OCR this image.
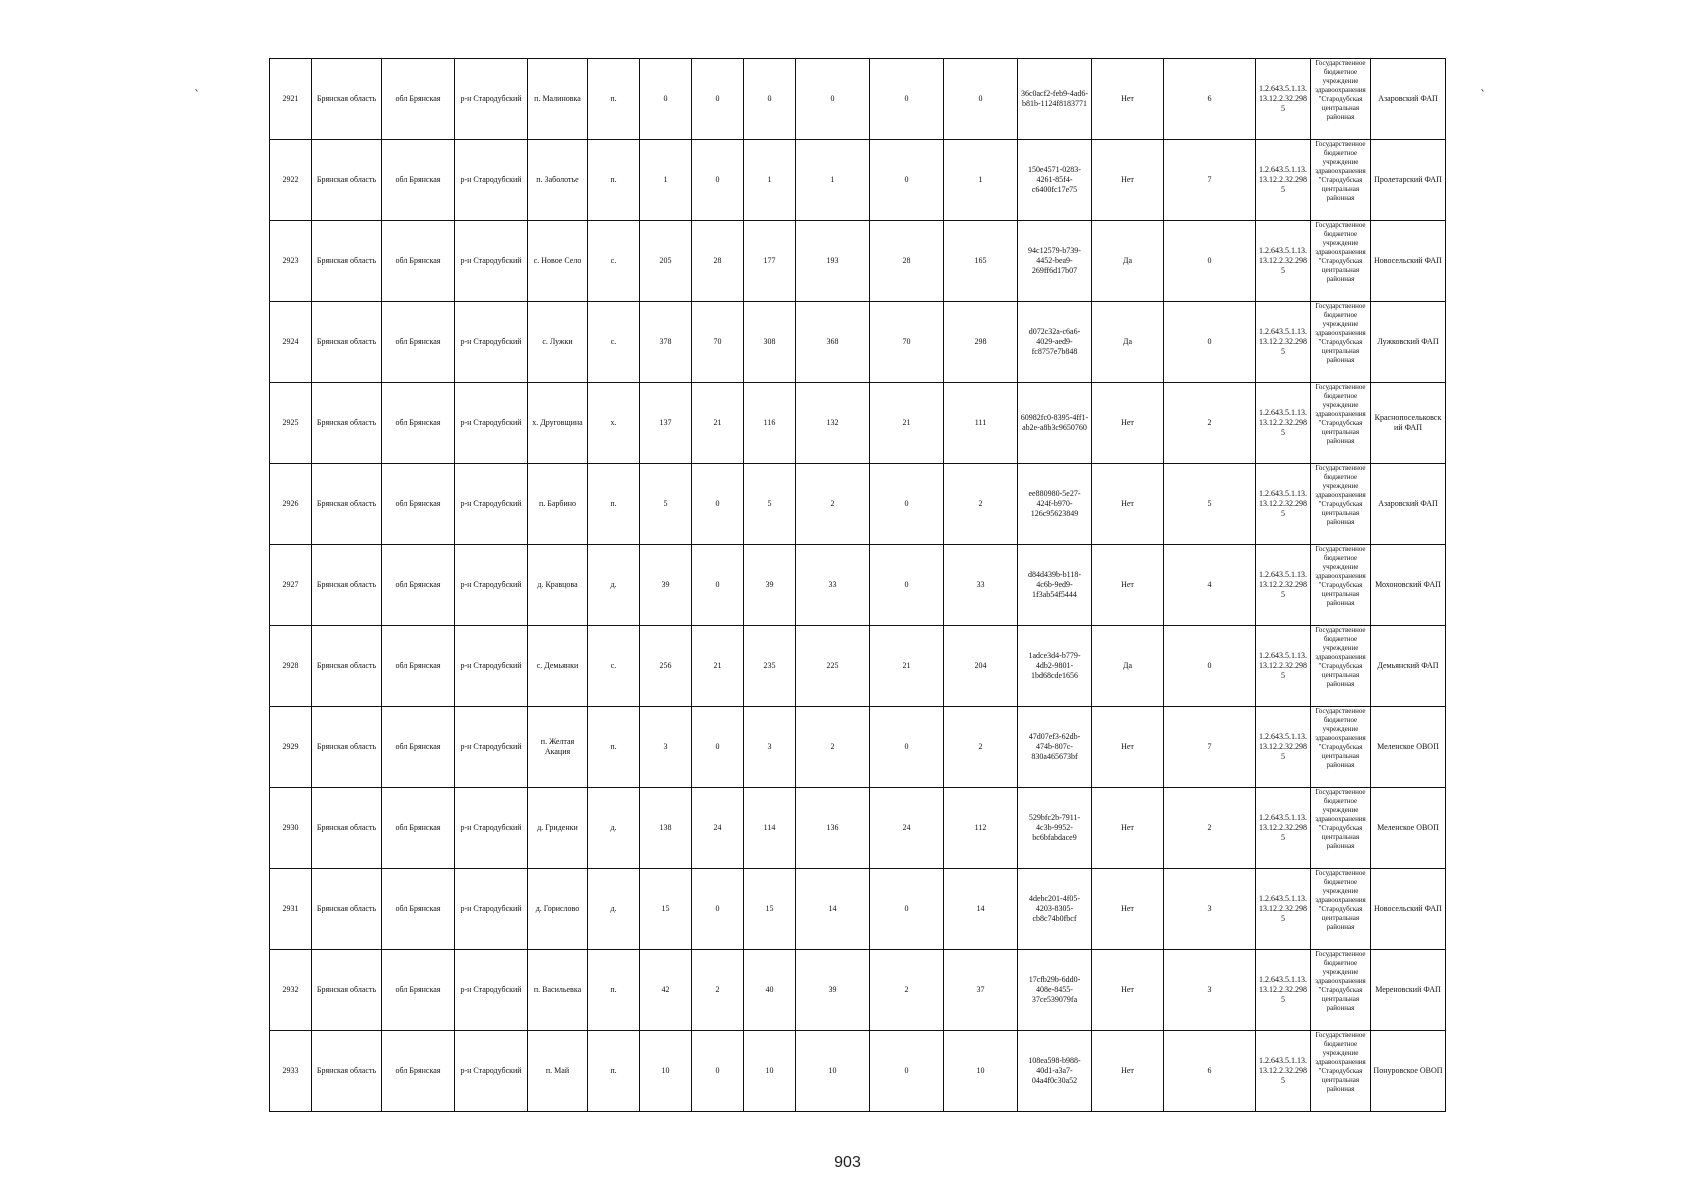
`	`
2921	Брянская область	обл Брянская	р-н Стародубский	п. Малиновка	п.	0	0	0	0	0	0	36c0acf2-feb9-4ad6-b81b-1124f8183771	Нет	6	1.2.643.5.1.13.13.12.2.32.2985	Государственное бюджетное учреждение здравоохранения "Стародубская центральная районная	Азаровский ФАП
2922	Брянская область	обл Брянская	р-н Стародубский	п. Заболотье	п.	1	0	1	1	0	1	150e4571-0283-4261-85f4-c6400fc17e75	Нет	7	1.2.643.5.1.13.13.12.2.32.2985	Государственное бюджетное учреждение здравоохранения "Стародубская центральная районная	Пролетарский ФАП
2923	Брянская область	обл Брянская	р-н Стародубский	с. Новое Село	с.	205	28	177	193	28	165	94c12579-b739-4452-bea9-269ff6d17b07	Да	0	1.2.643.5.1.13.13.12.2.32.2985	Государственное бюджетное учреждение здравоохранения "Стародубская центральная районная	Новосельский ФАП
2924	Брянская область	обл Брянская	р-н Стародубский	с. Лужки	с.	378	70	308	368	70	298	d072c32a-c6a6-4029-aed9-fc8757e7b848	Да	0	1.2.643.5.1.13.13.12.2.32.2985	Государственное бюджетное учреждение здравоохранения "Стародубская центральная районная	Лужковский ФАП
2925	Брянская область	обл Брянская	р-н Стародубский	х. Друговщина	х.	137	21	116	132	21	111	60982fc0-8395-4ff1-ab2e-a8b3c9650760	Нет	2	1.2.643.5.1.13.13.12.2.32.2985	Государственное бюджетное учреждение здравоохранения "Стародубская центральная районная	Краснопосельковский ФАП
2926	Брянская область	обл Брянская	р-н Стародубский	п. Барбино	п.	5	0	5	2	0	2	ee880980-5e27-424f-b970-126c95623849	Нет	5	1.2.643.5.1.13.13.12.2.32.2985	Государственное бюджетное учреждение здравоохранения "Стародубская центральная районная	Азаровский ФАП
2927	Брянская область	обл Брянская	р-н Стародубский	д. Кравцова	д.	39	0	39	33	0	33	d84d439b-b118-4c6b-9ed9-1f3ab54f5444	Нет	4	1.2.643.5.1.13.13.12.2.32.2985	Государственное бюджетное учреждение здравоохранения "Стародубская центральная районная	Мохоновский ФАП
2928	Брянская область	обл Брянская	р-н Стародубский	с. Демьянки	с.	256	21	235	225	21	204	1adce3d4-b779-4db2-9801-1bd68cde1656	Да	0	1.2.643.5.1.13.13.12.2.32.2985	Государственное бюджетное учреждение здравоохранения "Стародубская центральная районная	Демьянский ФАП
2929	Брянская область	обл Брянская	р-н Стародубский	п. Желтая Акация	п.	3	0	3	2	0	2	47d07ef3-62db-474b-807c-830a465673bf	Нет	7	1.2.643.5.1.13.13.12.2.32.2985	Государственное бюджетное учреждение здравоохранения "Стародубская центральная районная	Меленское ОВОП
2930	Брянская область	обл Брянская	р-н Стародубский	д. Гриденки	д.	138	24	114	136	24	112	529bfc2b-7911-4c3b-9952-bc6bfabdace9	Нет	2	1.2.643.5.1.13.13.12.2.32.2985	Государственное бюджетное учреждение здравоохранения "Стародубская центральная районная	Меленское ОВОП
2931	Брянская область	обл Брянская	р-н Стародубский	д. Горислово	д.	15	0	15	14	0	14	4debc201-4f05-4203-8305-cb8c74b0fbcf	Нет	3	1.2.643.5.1.13.13.12.2.32.2985	Государственное бюджетное учреждение здравоохранения "Стародубская центральная районная	Новосельский ФАП
2932	Брянская область	обл Брянская	р-н Стародубский	п. Васильевка	п.	42	2	40	39	2	37	17cfb29b-6dd0-408e-8455-37ce539079fa	Нет	3	1.2.643.5.1.13.13.12.2.32.2985	Государственное бюджетное учреждение здравоохранения "Стародубская центральная районная	Мереновский ФАП
2933	Брянская область	обл Брянская	р-н Стародубский	п. Май	п.	10	0	10	10	0	10	108ea598-b988-40d1-a3a7-04a4f0c30a52	Нет	6	1.2.643.5.1.13.13.12.2.32.2985	Государственное бюджетное учреждение здравоохранения "Стародубская центральная районная	Понуровское ОВОП
903
